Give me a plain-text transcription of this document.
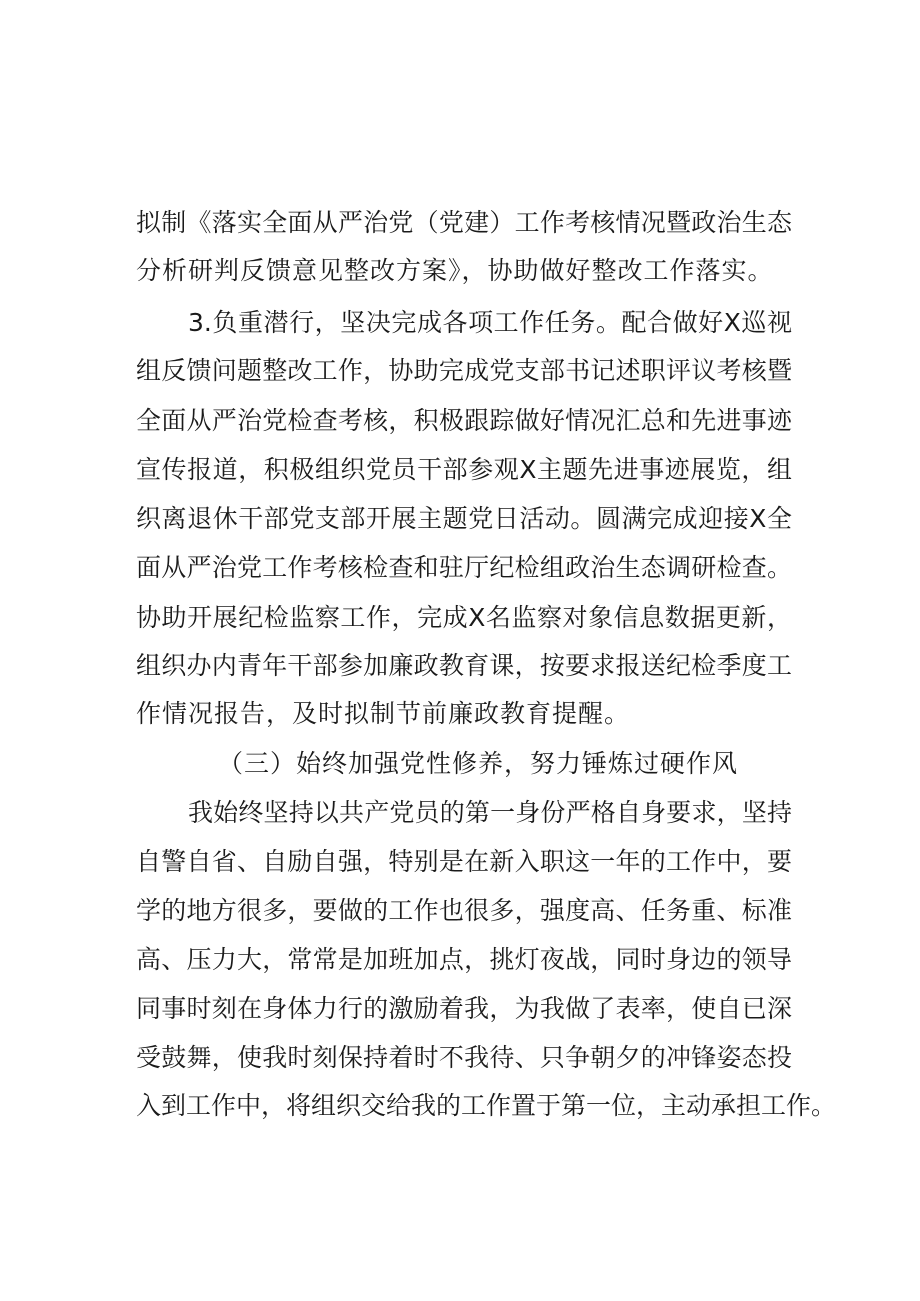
拟制《落实全面从严治党（党建）工作考核情况暨政治生态
分析研判反馈意见整改方案》，协助做好整改工作落实。
3.负重潜行，坚决完成各项工作任务。配合做好X巡视
组反馈问题整改工作，协助完成党支部书记述职评议考核暨
全面从严治党检查考核，积极跟踪做好情况汇总和先进事迹
宣传报道，积极组织党员干部参观X主题先进事迹展览，组
织离退休干部党支部开展主题党日活动。圆满完成迎接X全
面从严治党工作考核检查和驻厅纪检组政治生态调研检查。
协助开展纪检监察工作，完成X名监察对象信息数据更新，
组织办内青年干部参加廉政教育课，按要求报送纪检季度工
作情况报告，及时拟制节前廉政教育提醒。
（三）始终加强党性修养，努力锤炼过硬作风
我始终坚持以共产党员的第一身份严格自身要求，坚持
自警自省、自励自强，特别是在新入职这一年的工作中，要
学的地方很多，要做的工作也很多，强度高、任务重、标准
高、压力大，常常是加班加点，挑灯夜战，同时身边的领导
同事时刻在身体力行的激励着我，为我做了表率，使自已深
受鼓舞，使我时刻保持着时不我待、只争朝夕的冲锋姿态投
入到工作中，将组织交给我的工作置于第一位，主动承担工作。
